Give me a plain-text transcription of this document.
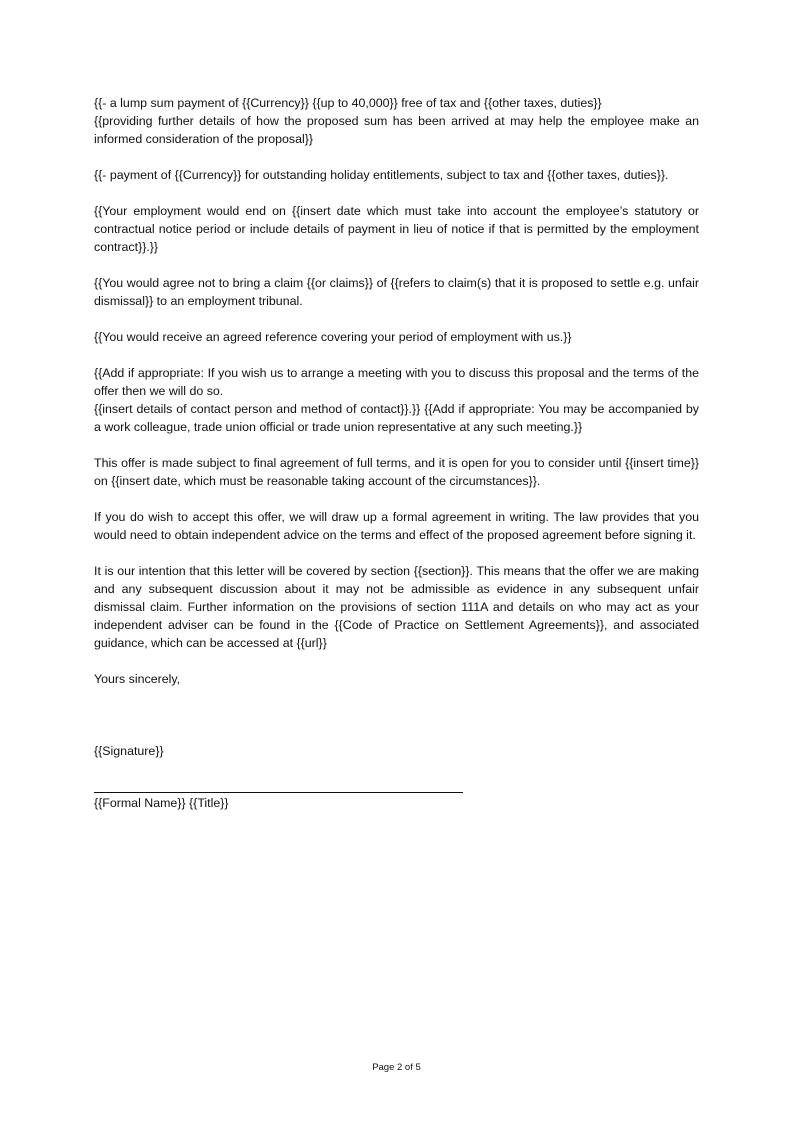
{{- a lump sum payment of {{Currency}} {{up to 40,000}} free of tax and {{other taxes, duties}}
{{providing further details of how the proposed sum has been arrived at may help the employee make an informed consideration of the proposal}}

{{- payment of {{Currency}} for outstanding holiday entitlements, subject to tax and {{other taxes, duties}}.

{{Your employment would end on {{insert date which must take into account the employee’s statutory or contractual notice period or include details of payment in lieu of notice if that is permitted by the employment contract}}.}}

{{You would agree not to bring a claim {{or claims}} of {{refers to claim(s) that it is proposed to settle e.g. unfair dismissal}} to an employment tribunal.

{{You would receive an agreed reference covering your period of employment with us.}}

{{Add if appropriate: If you wish us to arrange a meeting with you to discuss this proposal and the terms of the offer then we will do so.
{{insert details of contact person and method of contact}}.}} {{Add if appropriate: You may be accompanied by a work colleague, trade union official or trade union representative at any such meeting.}}

This offer is made subject to final agreement of full terms, and it is open for you to consider until {{insert time}} on {{insert date, which must be reasonable taking account of the circumstances}}.

If you do wish to accept this offer, we will draw up a formal agreement in writing. The law provides that you would need to obtain independent advice on the terms and effect of the proposed agreement before signing it.

It is our intention that this letter will be covered by section {{section}}. This means that the offer we are making and any subsequent discussion about it may not be admissible as evidence in any subsequent unfair dismissal claim. Further information on the provisions of section 111A and details on who may act as your independent adviser can be found in the {{Code of Practice on Settlement Agreements}}, and associated guidance, which can be accessed at {{url}}

Yours sincerely,

{{Signature}}

{{Formal Name}} {{Title}}

Page 2 of 5
